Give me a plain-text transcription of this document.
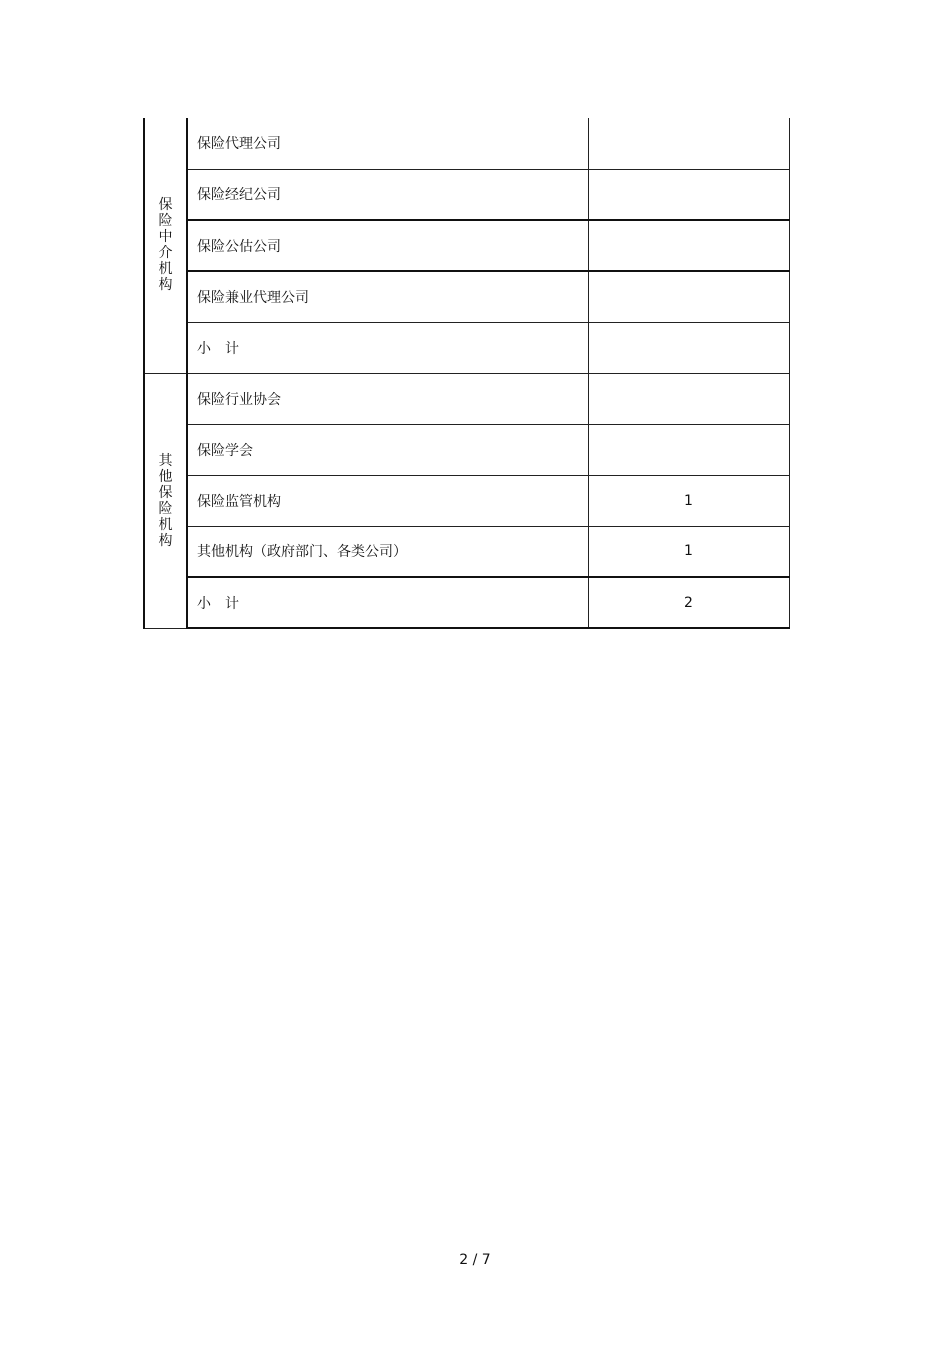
保险中介机构	保险代理公司	
	保险经纪公司	
	保险公估公司	
	保险兼业代理公司	
	小　计	
其他保险机构	保险行业协会	
	保险学会	
	保险监管机构	1
	其他机构（政府部门、各类公司）	1
	小　计	2
2 / 7
